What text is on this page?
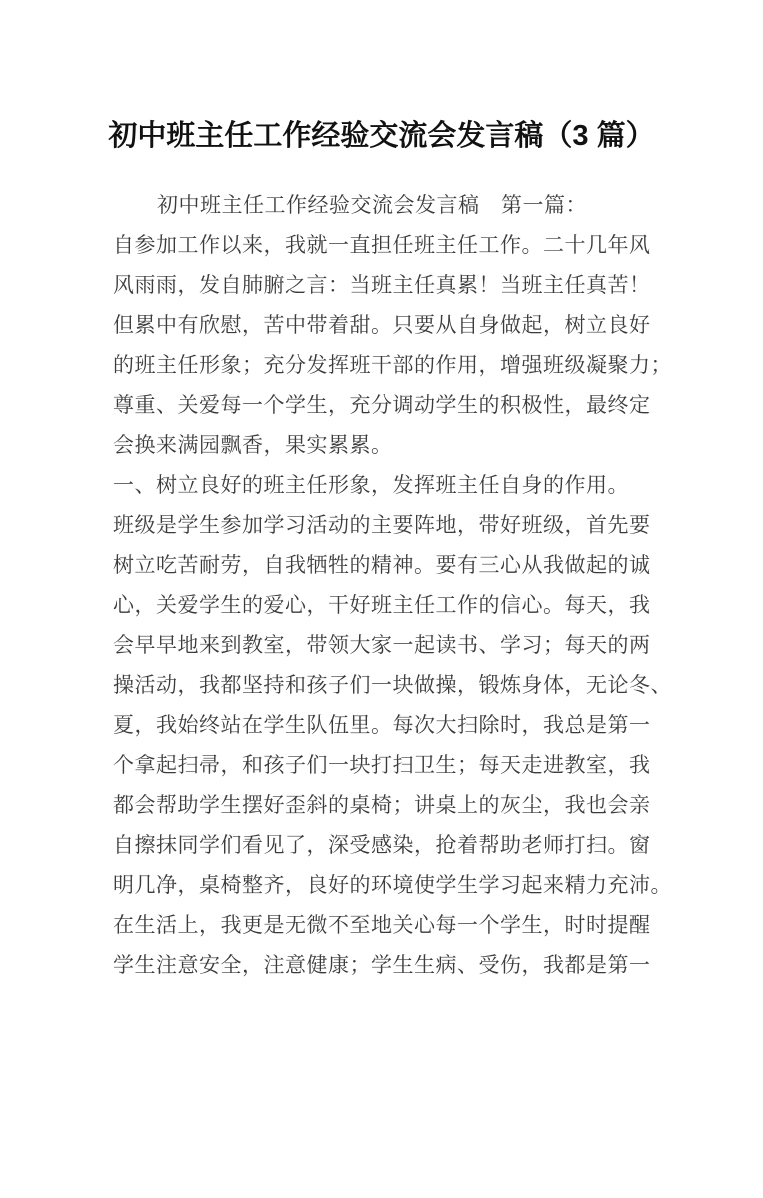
初中班主任工作经验交流会发言稿（3 篇）
初中班主任工作经验交流会发言稿　第一篇：
自参加工作以来，我就一直担任班主任工作。二十几年风
风雨雨，发自肺腑之言：当班主任真累！当班主任真苦！
但累中有欣慰，苦中带着甜。只要从自身做起，树立良好
的班主任形象；充分发挥班干部的作用，增强班级凝聚力；
尊重、关爱每一个学生，充分调动学生的积极性，最终定
会换来满园飘香，果实累累。
一、树立良好的班主任形象，发挥班主任自身的作用。
班级是学生参加学习活动的主要阵地，带好班级，首先要
树立吃苦耐劳，自我牺牲的精神。要有三心从我做起的诚
心，关爱学生的爱心，干好班主任工作的信心。每天，我
会早早地来到教室，带领大家一起读书、学习；每天的两
操活动，我都坚持和孩子们一块做操，锻炼身体，无论冬、
夏，我始终站在学生队伍里。每次大扫除时，我总是第一
个拿起扫帚，和孩子们一块打扫卫生；每天走进教室，我
都会帮助学生摆好歪斜的桌椅；讲桌上的灰尘，我也会亲
自擦抹同学们看见了，深受感染，抢着帮助老师打扫。窗
明几净，桌椅整齐，良好的环境使学生学习起来精力充沛。
在生活上，我更是无微不至地关心每一个学生，时时提醒
学生注意安全，注意健康；学生生病、受伤，我都是第一
